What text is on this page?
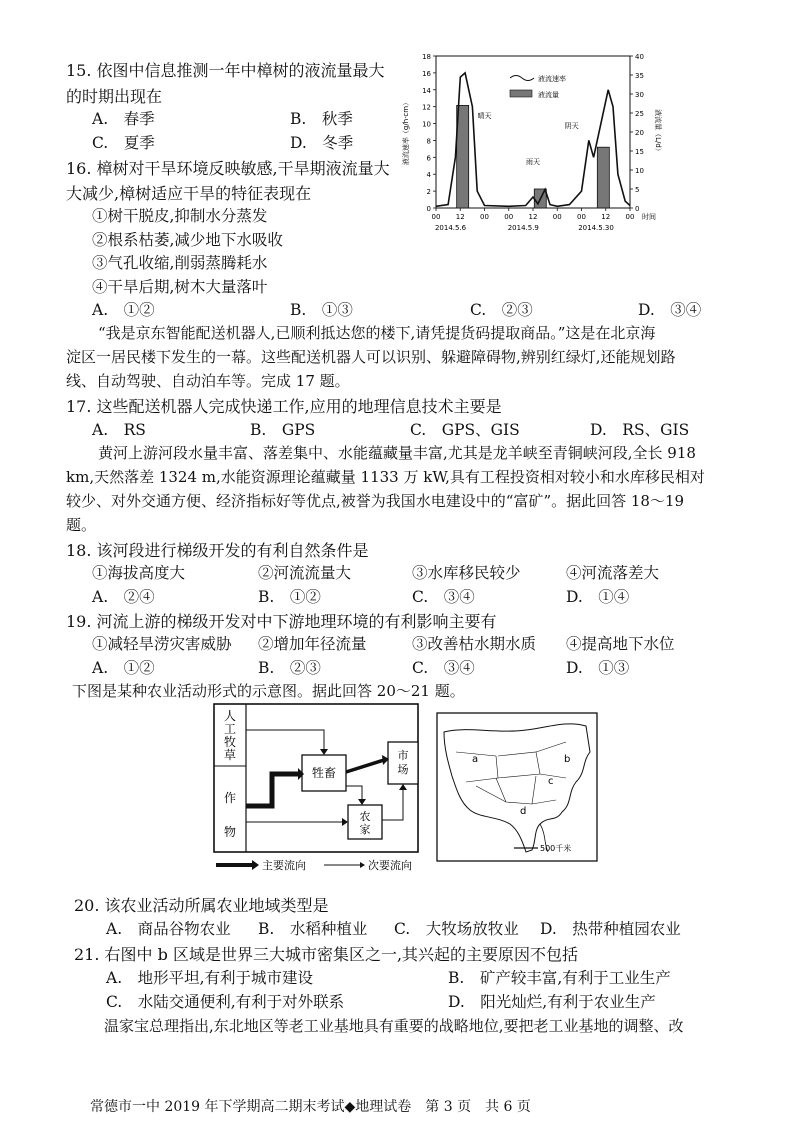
15. 依图中信息推测一年中樟树的液流量最大
的时期出现在
A.　春季	B.　秋季
C.　夏季	D.　冬季
16. 樟树对干旱环境反映敏感,干旱期液流量大
大减少,樟树适应干旱的特征表现在
①树干脱皮,抑制水分蒸发
②根系枯萎,减少地下水吸收
③气孔收缩,削弱蒸腾耗水
④干旱后期,树木大量落叶
A.　①②	B.　①③	C.　②③	D.　③④
0
2
4
6
8
10
12
14
16
18
0
5
10
15
20
25
30
35
40
00 12 00 00 12 00 00 12 00 时间
2014.5.6	2014.5.9	2014.5.30
液流速率（g/h·cm）	液流量（L/d）
液流速率
液流量
晴天
雨天
阴天
“我是京东智能配送机器人,已顺利抵达您的楼下,请凭提货码提取商品。”这是在北京海
淀区一居民楼下发生的一幕。这些配送机器人可以识别、躲避障碍物,辨别红绿灯,还能规划路
线、自动驾驶、自动泊车等。完成 17 题。
17. 这些配送机器人完成快递工作,应用的地理信息技术主要是
A.　RS	B.　GPS	C.　GPS、GIS	D.　RS、GIS
黄河上游河段水量丰富、落差集中、水能蕴藏量丰富,尤其是龙羊峡至青铜峡河段,全长 918
km,天然落差 1324 m,水能资源理论蕴藏量 1133 万 kW,具有工程投资相对较小和水库移民相对
较少、对外交通方便、经济指标好等优点,被誉为我国水电建设中的“富矿”。据此回答 18～19
题。
18. 该河段进行梯级开发的有利自然条件是
①海拔高度大	②河流流量大	③水库移民较少	④河流落差大
A.　②④	B.　①②	C.　③④	D.　①④
19. 河流上游的梯级开发对中下游地理环境的有利影响主要有
①减轻旱涝灾害威胁 ②增加年径流量	③改善枯水期水质 ④提高地下水位
A.　①②	B.　②③	C.　③④	D.　①③
下图是某种农业活动形式的示意图。据此回答 20～21 题。
人工牧草
作物
牲畜
市场
农家
主要流向	次要流向
a	b
c
d
500千米
20. 该农业活动所属农业地域类型是
A.　商品谷物农业 B.　水稻种植业 C.　大牧场放牧业 D.　热带种植园农业
21. 右图中 b 区域是世界三大城市密集区之一,其兴起的主要原因不包括
A.　地形平坦,有利于城市建设	B.　矿产较丰富,有利于工业生产
C.　水陆交通便利,有利于对外联系	D.　阳光灿烂,有利于农业生产
温家宝总理指出,东北地区等老工业基地具有重要的战略地位,要把老工业基地的调整、改
常德市一中 2019 年下学期高二期末考试◆地理试卷　第 3 页　共 6 页
